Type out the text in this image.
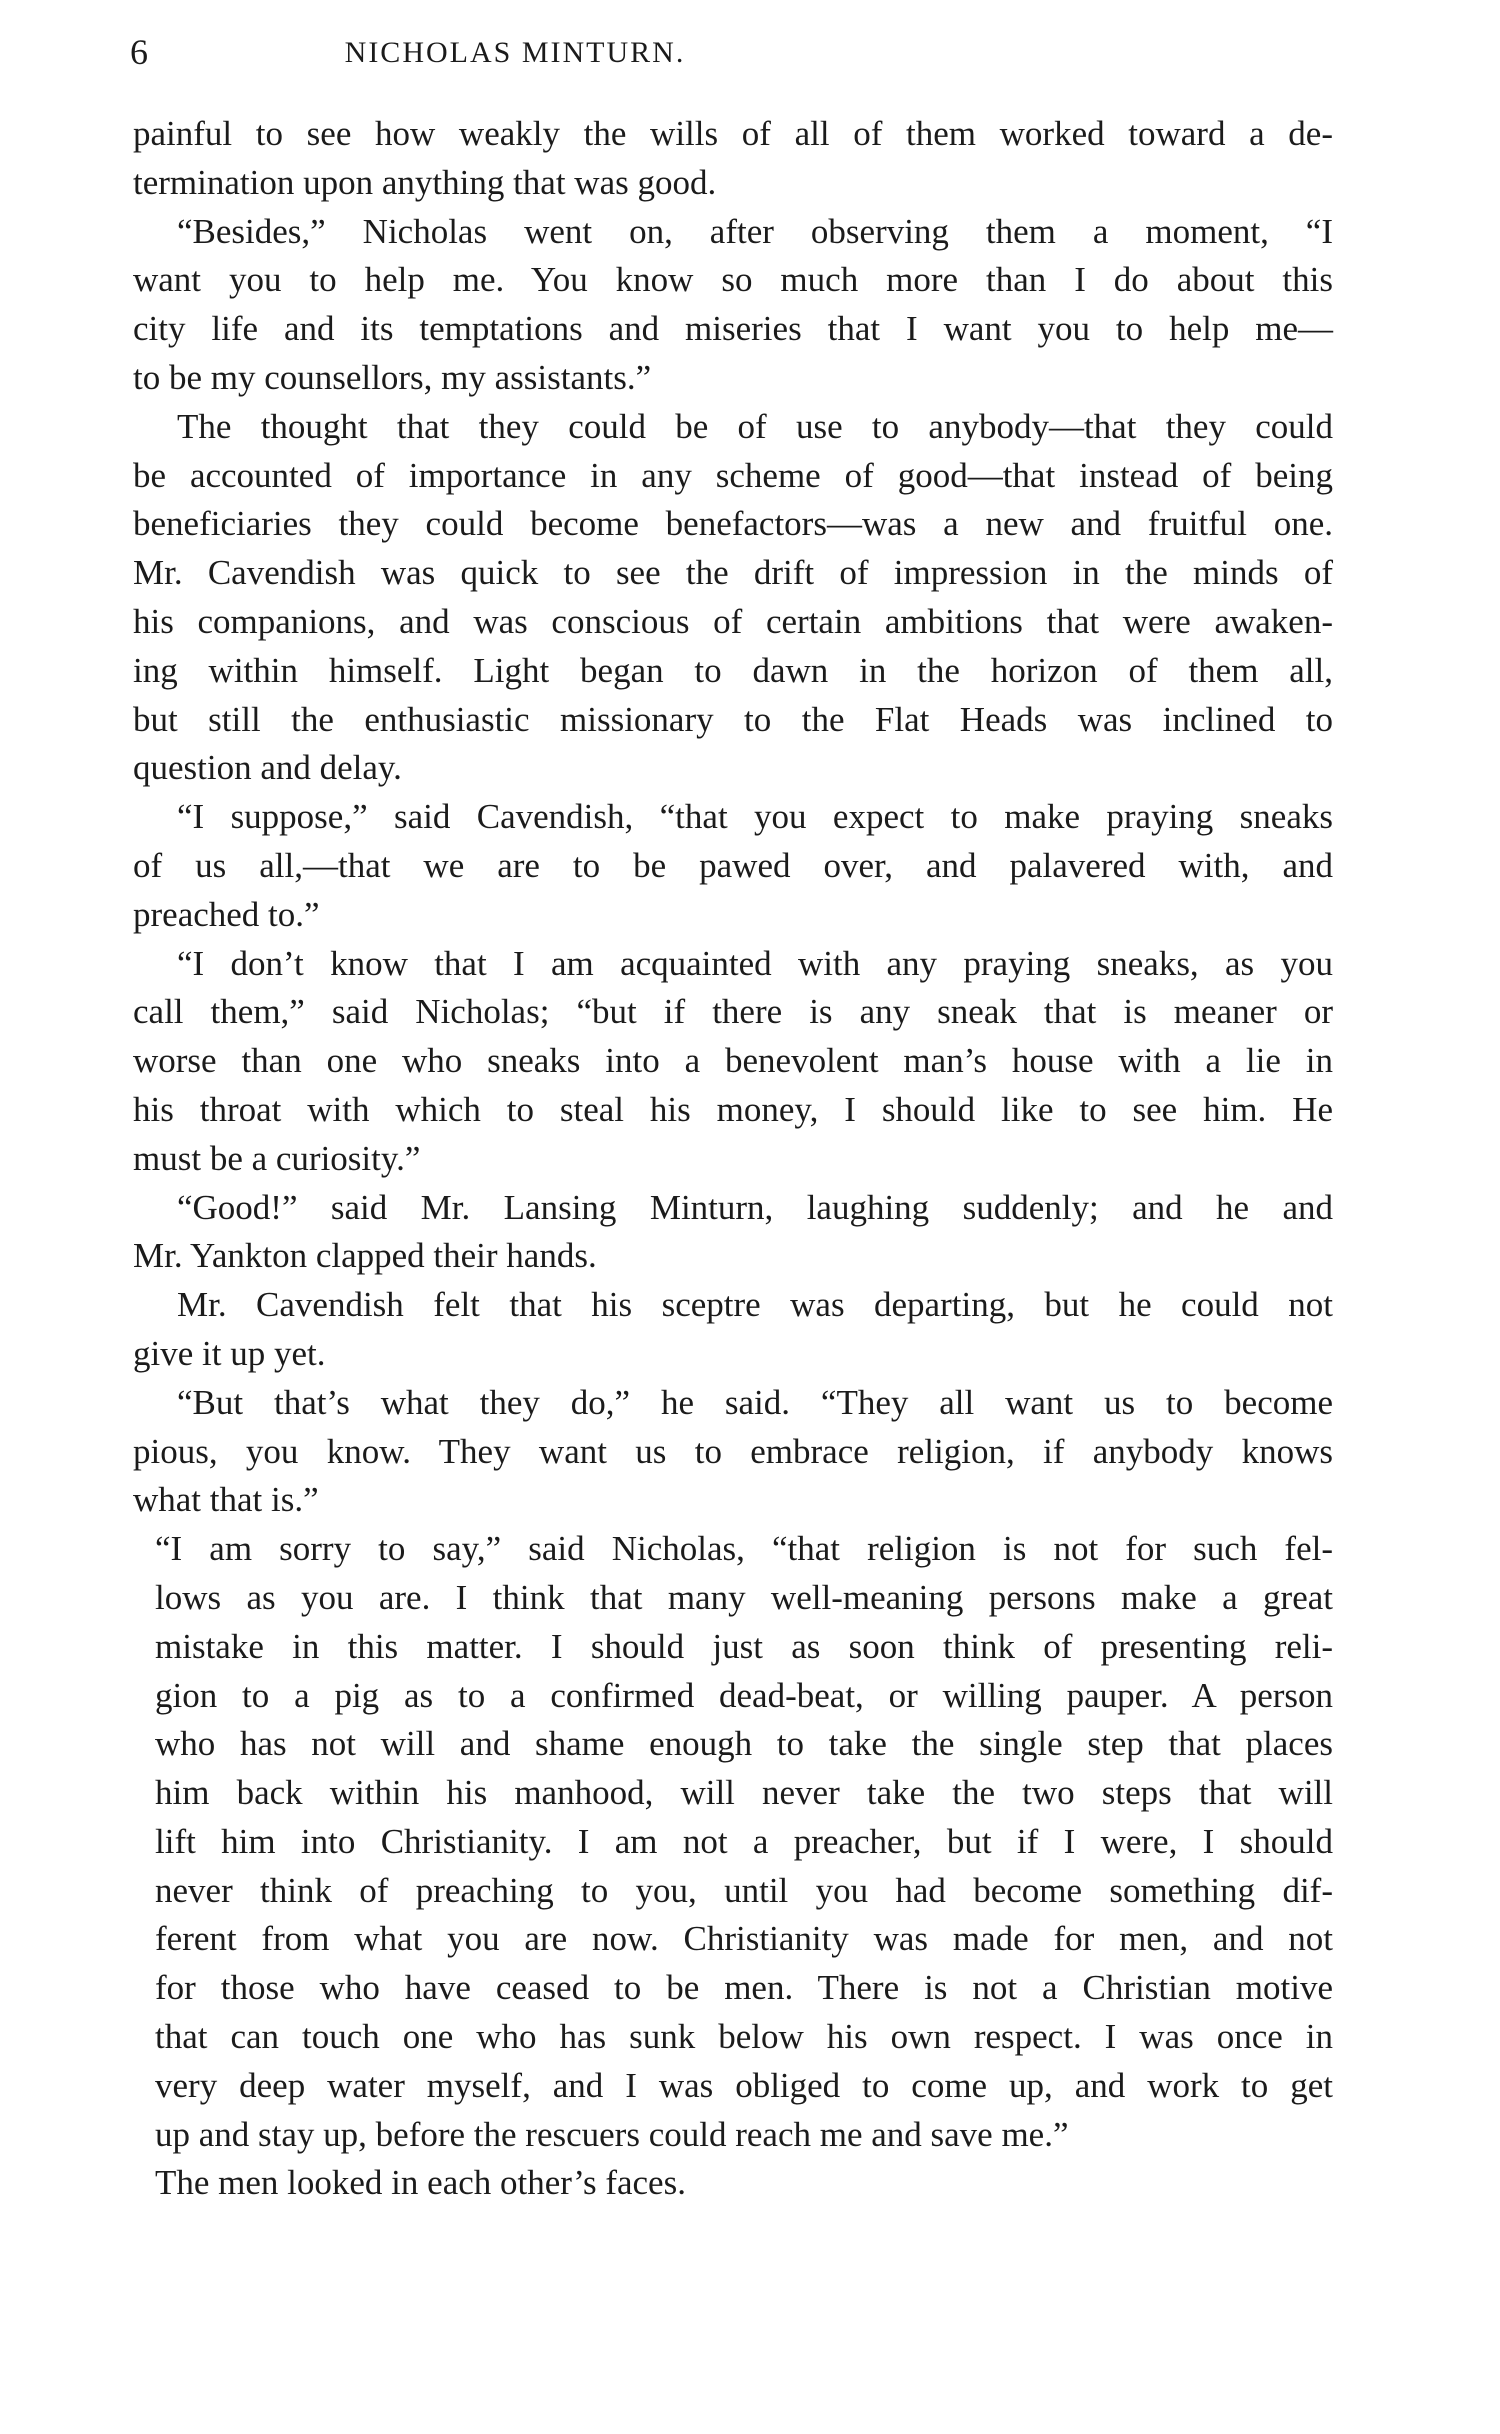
6	NICHOLAS MINTURN.
painful to see how weakly the wills of all of them worked toward a de-
termination upon anything that was good.
“Besides,” Nicholas went on, after observing them a moment, “I
want you to help me. You know so much more than I do about this
city life and its temptations and miseries that I want you to help me—
to be my counsellors, my assistants.”
The thought that they could be of use to anybody—that they could
be accounted of importance in any scheme of good—that instead of being
beneficiaries they could become benefactors—was a new and fruitful one.
Mr. Cavendish was quick to see the drift of impression in the minds of
his companions, and was conscious of certain ambitions that were awaken-
ing within himself. Light began to dawn in the horizon of them all,
but still the enthusiastic missionary to the Flat Heads was inclined to
question and delay.
“I suppose,” said Cavendish, “that you expect to make praying sneaks
of us all,—that we are to be pawed over, and palavered with, and
preached to.”
“I don’t know that I am acquainted with any praying sneaks, as you
call them,” said Nicholas; “but if there is any sneak that is meaner or
worse than one who sneaks into a benevolent man’s house with a lie in
his throat with which to steal his money, I should like to see him. He
must be a curiosity.”
“Good!” said Mr. Lansing Minturn, laughing suddenly; and he and
Mr. Yankton clapped their hands.
Mr. Cavendish felt that his sceptre was departing, but he could not
give it up yet.
“But that’s what they do,” he said. “They all want us to become
pious, you know. They want us to embrace religion, if anybody knows
what that is.”
“I am sorry to say,” said Nicholas, “that religion is not for such fel-
lows as you are. I think that many well-meaning persons make a great
mistake in this matter. I should just as soon think of presenting reli-
gion to a pig as to a confirmed dead-beat, or willing pauper. A person
who has not will and shame enough to take the single step that places
him back within his manhood, will never take the two steps that will
lift him into Christianity. I am not a preacher, but if I were, I should
never think of preaching to you, until you had become something dif-
ferent from what you are now. Christianity was made for men, and not
for those who have ceased to be men. There is not a Christian motive
that can touch one who has sunk below his own respect. I was once in
very deep water myself, and I was obliged to come up, and work to get
up and stay up, before the rescuers could reach me and save me.”
The men looked in each other’s faces.
